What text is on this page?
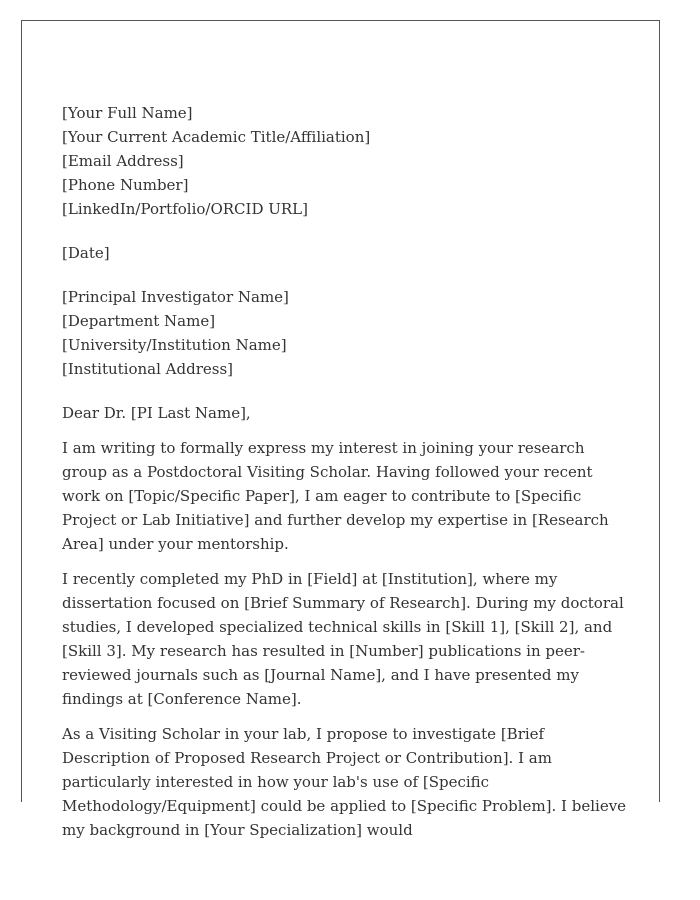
[Your Full Name]
[Your Current Academic Title/Affiliation]
[Email Address]
[Phone Number]
[LinkedIn/Portfolio/ORCID URL]
[Date]
[Principal Investigator Name]
[Department Name]
[University/Institution Name]
[Institutional Address]

Dear Dr. [PI Last Name],

I am writing to formally express my interest in joining your research group as a Postdoctoral Visiting Scholar. Having followed your recent work on [Topic/Specific Paper], I am eager to contribute to [Specific Project or Lab Initiative] and further develop my expertise in [Research Area] under your mentorship.

I recently completed my PhD in [Field] at [Institution], where my dissertation focused on [Brief Summary of Research]. During my doctoral studies, I developed specialized technical skills in [Skill 1], [Skill 2], and [Skill 3]. My research has resulted in [Number] publications in peer-reviewed journals such as [Journal Name], and I have presented my findings at [Conference Name].

As a Visiting Scholar in your lab, I propose to investigate [Brief Description of Proposed Research Project or Contribution]. I am particularly interested in how your lab's use of [Specific Methodology/Equipment] could be applied to [Specific Problem]. I believe my background in [Your Specialization] would
